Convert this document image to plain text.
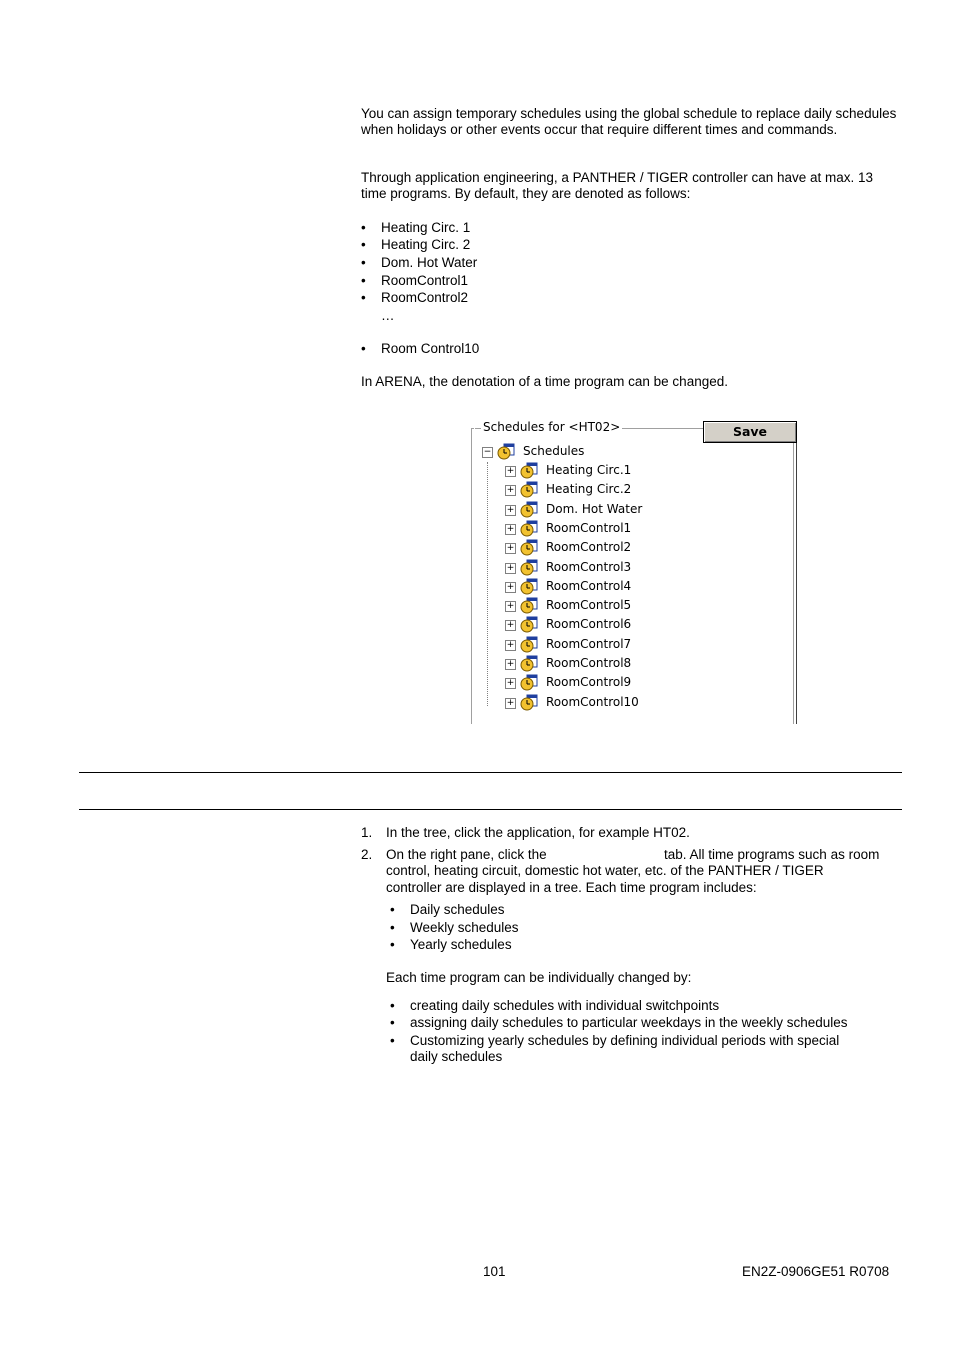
You can assign temporary schedules using the global schedule to replace daily schedules when holidays or other events occur that require different times and commands.

Through application engineering, a PANTHER / TIGER controller can have at max. 13 time programs. By default, they are denoted as follows:

• Heating Circ. 1
• Heating Circ. 2
• Dom. Hot Water
• RoomControl1
• RoomControl2
…
• Room Control10

In ARENA, the denotation of a time program can be changed.

Schedules for <HT02>	Save
−	Schedules
+	Heating Circ.1
+	Heating Circ.2
+	Dom. Hot Water
+	RoomControl1
+	RoomControl2
+	RoomControl3
+	RoomControl4
+	RoomControl5
+	RoomControl6
+	RoomControl7
+	RoomControl8
+	RoomControl9
+	RoomControl10
1. In the tree, click the application, for example HT02.
2. On the right pane, click the	tab. All time programs such as room
control, heating circuit, domestic hot water, etc. of the PANTHER / TIGER
controller are displayed in a tree. Each time program includes:
• Daily schedules
• Weekly schedules
• Yearly schedules
Each time program can be individually changed by:
• creating daily schedules with individual switchpoints
• assigning daily schedules to particular weekdays in the weekly schedules
• Customizing yearly schedules by defining individual periods with special
daily schedules
101	EN2Z-0906GE51 R0708
